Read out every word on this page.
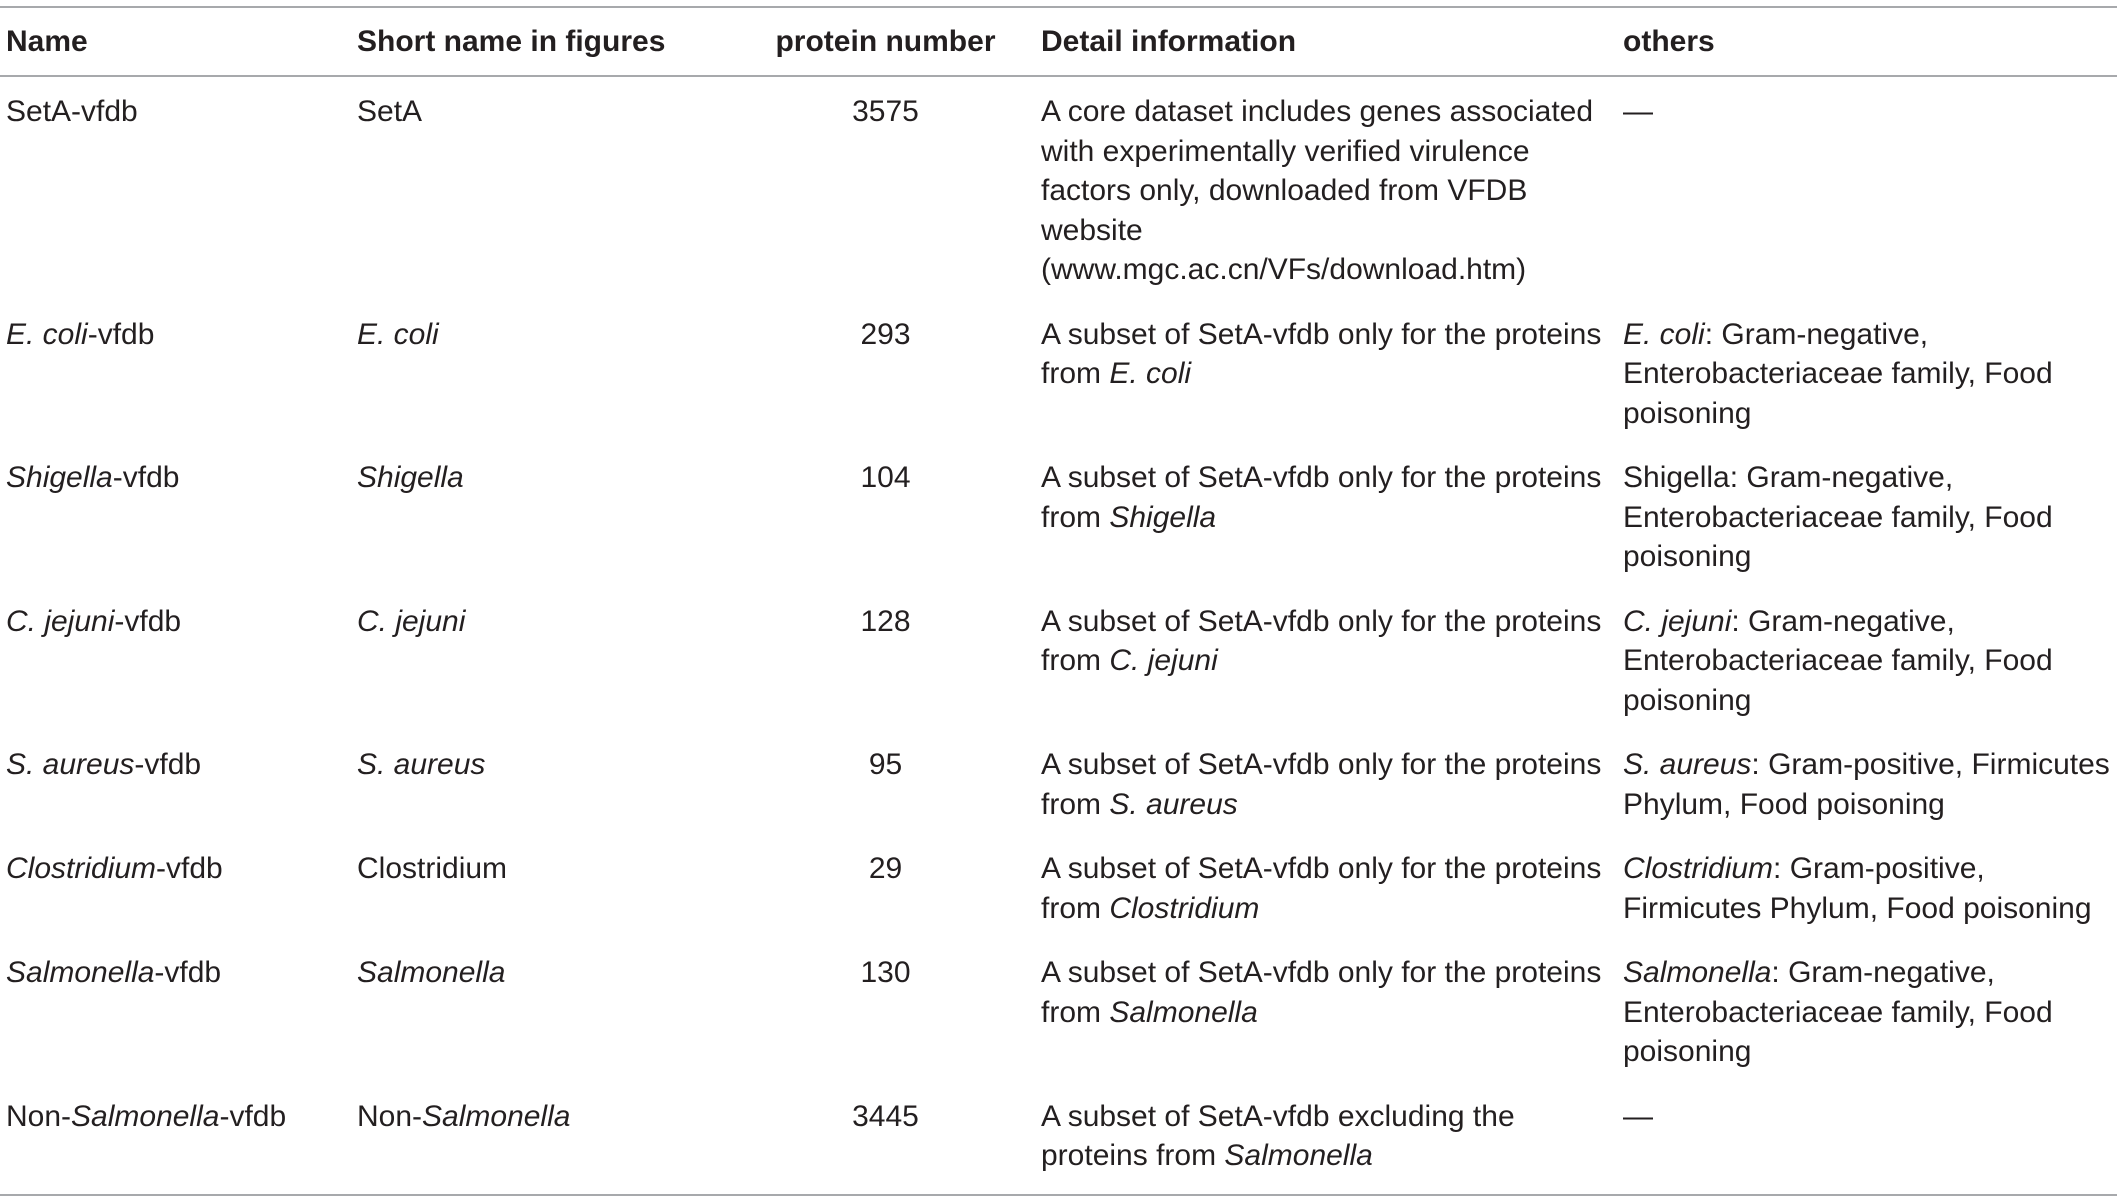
Name	Short name in figures	protein number	Detail information	others
SetA-vfdb	SetA	3575	A core dataset includes genes associated with experimentally verified virulence factors only, downloaded from VFDB website (www.mgc.ac.cn/VFs/download.htm)	—
E. coli-vfdb	E. coli	293	A subset of SetA-vfdb only for the proteins from E. coli	E. coli: Gram-negative, Enterobacteriaceae family, Food poisoning
Shigella-vfdb	Shigella	104	A subset of SetA-vfdb only for the proteins from Shigella	Shigella: Gram-negative, Enterobacteriaceae family, Food poisoning
C. jejuni-vfdb	C. jejuni	128	A subset of SetA-vfdb only for the proteins from C. jejuni	C. jejuni: Gram-negative, Enterobacteriaceae family, Food poisoning
S. aureus-vfdb	S. aureus	95	A subset of SetA-vfdb only for the proteins from S. aureus	S. aureus: Gram-positive, Firmicutes Phylum, Food poisoning
Clostridium-vfdb	Clostridium	29	A subset of SetA-vfdb only for the proteins from Clostridium	Clostridium: Gram-positive, Firmicutes Phylum, Food poisoning
Salmonella-vfdb	Salmonella	130	A subset of SetA-vfdb only for the proteins from Salmonella	Salmonella: Gram-negative, Enterobacteriaceae family, Food poisoning
Non-Salmonella-vfdb	Non-Salmonella	3445	A subset of SetA-vfdb excluding the proteins from Salmonella	—
